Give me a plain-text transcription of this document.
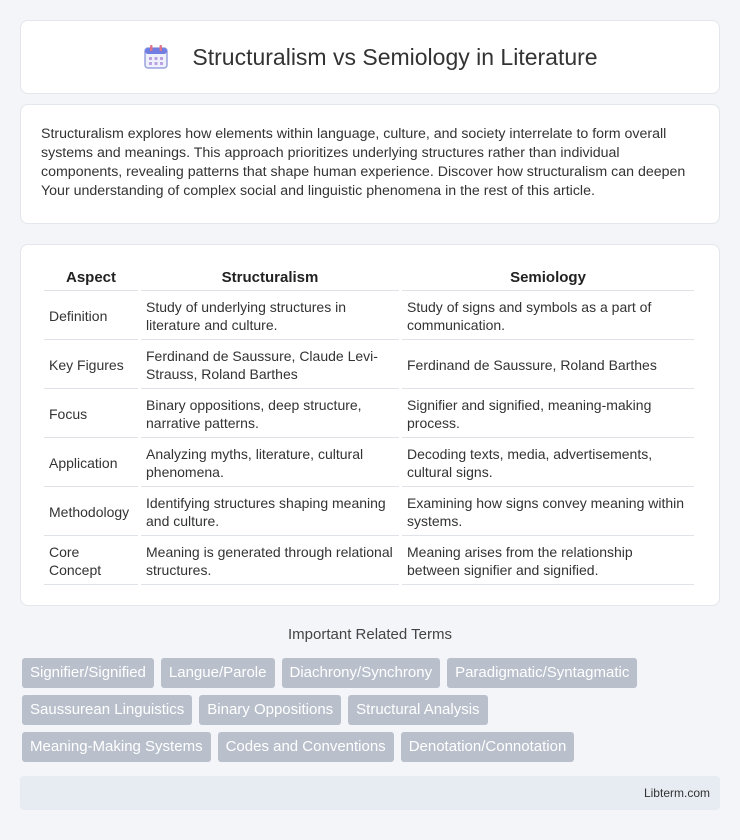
Structuralism vs Semiology in Literature

Structuralism explores how elements within language, culture, and society interrelate to form overall systems and meanings. This approach prioritizes underlying structures rather than individual components, revealing patterns that shape human experience. Discover how structuralism can deepen Your understanding of complex social and linguistic phenomena in the rest of this article.

Aspect	Structuralism	Semiology
Definition	Study of underlying structures in literature and culture.	Study of signs and symbols as a part of communication.
Key Figures	Ferdinand de Saussure, Claude Levi-Strauss, Roland Barthes	Ferdinand de Saussure, Roland Barthes
Focus	Binary oppositions, deep structure, narrative patterns.	Signifier and signified, meaning-making process.
Application	Analyzing myths, literature, cultural phenomena.	Decoding texts, media, advertisements, cultural signs.
Methodology	Identifying structures shaping meaning and culture.	Examining how signs convey meaning within systems.
Core Concept	Meaning is generated through relational structures.	Meaning arises from the relationship between signifier and signified.
Important Related Terms
Signifier/Signified	Langue/Parole	Diachrony/Synchrony	Paradigmatic/Syntagmatic
Saussurean Linguistics	Binary Oppositions	Structural Analysis
Meaning-Making Systems	Codes and Conventions	Denotation/Connotation
Libterm.com
